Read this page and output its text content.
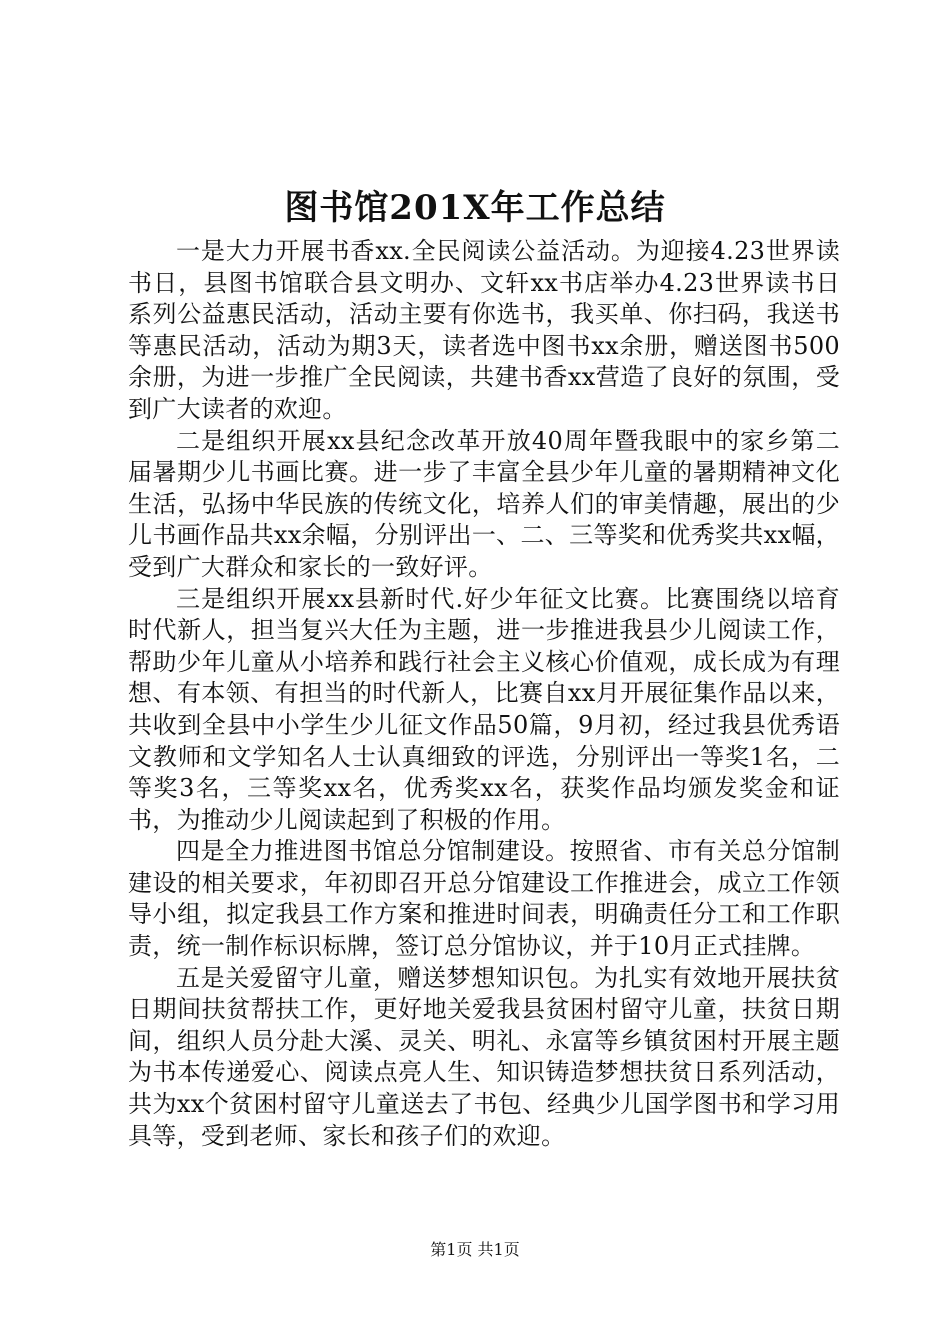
图书馆201X年工作总结

一是大力开展书香xx.全民阅读公益活动。为迎接4.23世界读书日，县图书馆联合县文明办、文轩xx书店举办4.23世界读书日系列公益惠民活动，活动主要有你选书，我买单、你扫码，我送书等惠民活动，活动为期3天，读者选中图书xx余册，赠送图书500余册，为进一步推广全民阅读，共建书香xx营造了良好的氛围，受到广大读者的欢迎。

二是组织开展xx县纪念改革开放40周年暨我眼中的家乡第二届暑期少儿书画比赛。进一步了丰富全县少年儿童的暑期精神文化生活，弘扬中华民族的传统文化，培养人们的审美情趣，展出的少儿书画作品共xx余幅，分别评出一、二、三等奖和优秀奖共xx幅，受到广大群众和家长的一致好评。

三是组织开展xx县新时代.好少年征文比赛。比赛围绕以培育时代新人，担当复兴大任为主题，进一步推进我县少儿阅读工作，帮助少年儿童从小培养和践行社会主义核心价值观，成长成为有理想、有本领、有担当的时代新人，比赛自xx月开展征集作品以来，共收到全县中小学生少儿征文作品50篇，9月初，经过我县优秀语文教师和文学知名人士认真细致的评选，分别评出一等奖1名，二等奖3名，三等奖xx名，优秀奖xx名，获奖作品均颁发奖金和证书，为推动少儿阅读起到了积极的作用。

四是全力推进图书馆总分馆制建设。按照省、市有关总分馆制建设的相关要求，年初即召开总分馆建设工作推进会，成立工作领导小组，拟定我县工作方案和推进时间表，明确责任分工和工作职责，统一制作标识标牌，签订总分馆协议，并于10月正式挂牌。

五是关爱留守儿童，赠送梦想知识包。为扎实有效地开展扶贫日期间扶贫帮扶工作，更好地关爱我县贫困村留守儿童，扶贫日期间，组织人员分赴大溪、灵关、明礼、永富等乡镇贫困村开展主题为书本传递爱心、阅读点亮人生、知识铸造梦想扶贫日系列活动，共为xx个贫困村留守儿童送去了书包、经典少儿国学图书和学习用具等，受到老师、家长和孩子们的欢迎。

第1页 共1页
